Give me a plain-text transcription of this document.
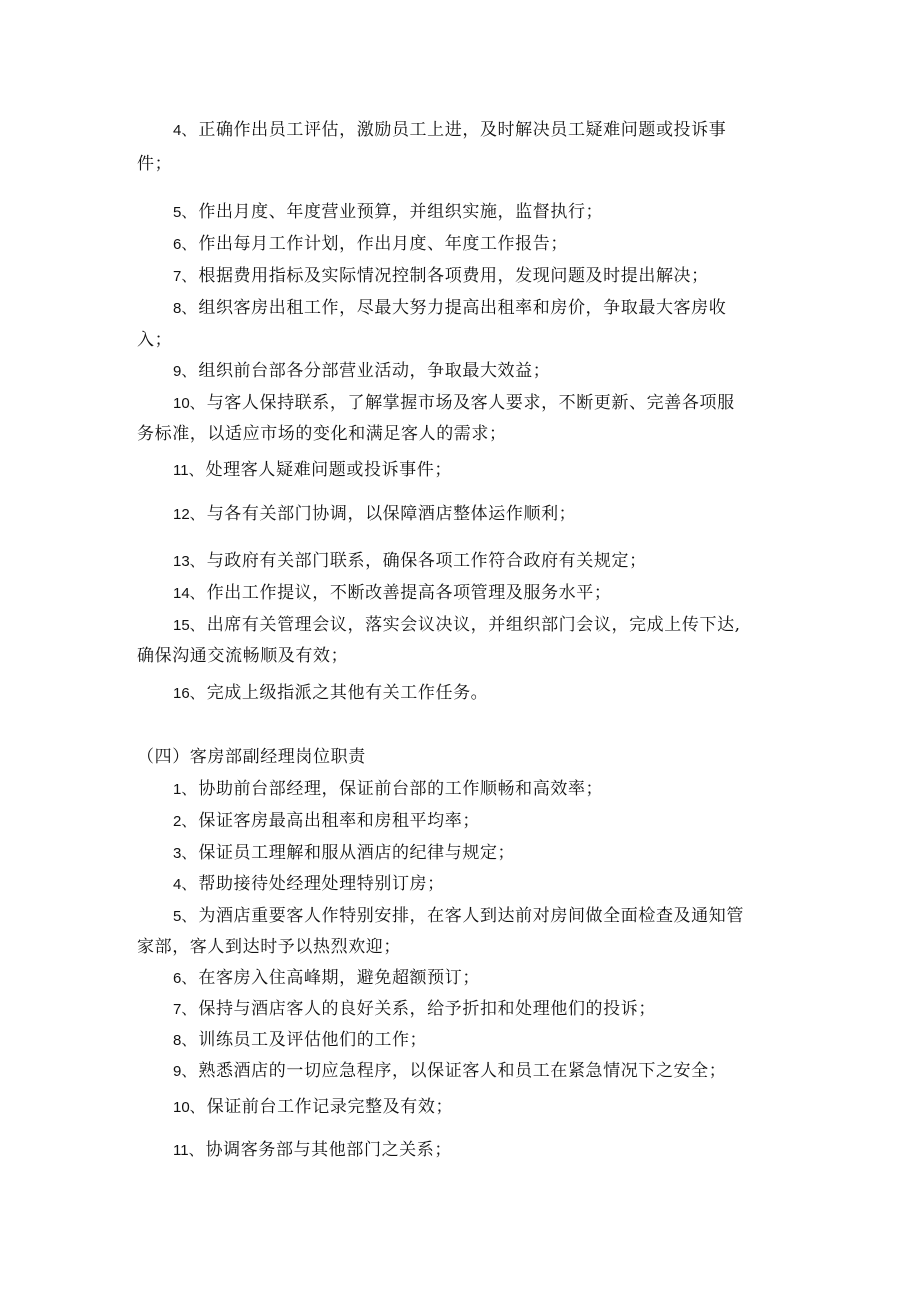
4、 正确作出员工评估，激励员工上进，及时解决员工疑难问题或投诉事
件；
5、 作出月度、年度营业预算，并组织实施，监督执行；
6、 作出每月工作计划，作出月度、年度工作报告；
7、 根据费用指标及实际情况控制各项费用，发现问题及时提出解决；
8、 组织客房出租工作，尽最大努力提高出租率和房价，争取最大客房收
入；
9、 组织前台部各分部营业活动，争取最大效益；
10、 与客人保持联系，了解掌握市场及客人要求，不断更新、完善各项服
务标准，以适应市场的变化和满足客人的需求；
11、 处理客人疑难问题或投诉事件；
12、 与各有关部门协调，以保障酒店整体运作顺利；
13、 与政府有关部门联系，确保各项工作符合政府有关规定；
14、 作出工作提议，不断改善提高各项管理及服务水平；
15、 出席有关管理会议，落实会议决议，并组织部门会议，完成上传下达,
确保沟通交流畅顺及有效；
16、 完成上级指派之其他有关工作任务。
（四）客房部副经理岗位职责
1、 协助前台部经理，保证前台部的工作顺畅和高效率；
2、 保证客房最高出租率和房租平均率；
3、 保证员工理解和服从酒店的纪律与规定；
4、 帮助接待处经理处理特别订房；
5、 为酒店重要客人作特别安排，在客人到达前对房间做全面检查及通知管
家部，客人到达时予以热烈欢迎；
6、 在客房入住高峰期，避免超额预订；
7、 保持与酒店客人的良好关系，给予折扣和处理他们的投诉；
8、 训练员工及评估他们的工作；
9、 熟悉酒店的一切应急程序，以保证客人和员工在紧急情况下之安全；
10、 保证前台工作记录完整及有效；
11、 协调客务部与其他部门之关系；
